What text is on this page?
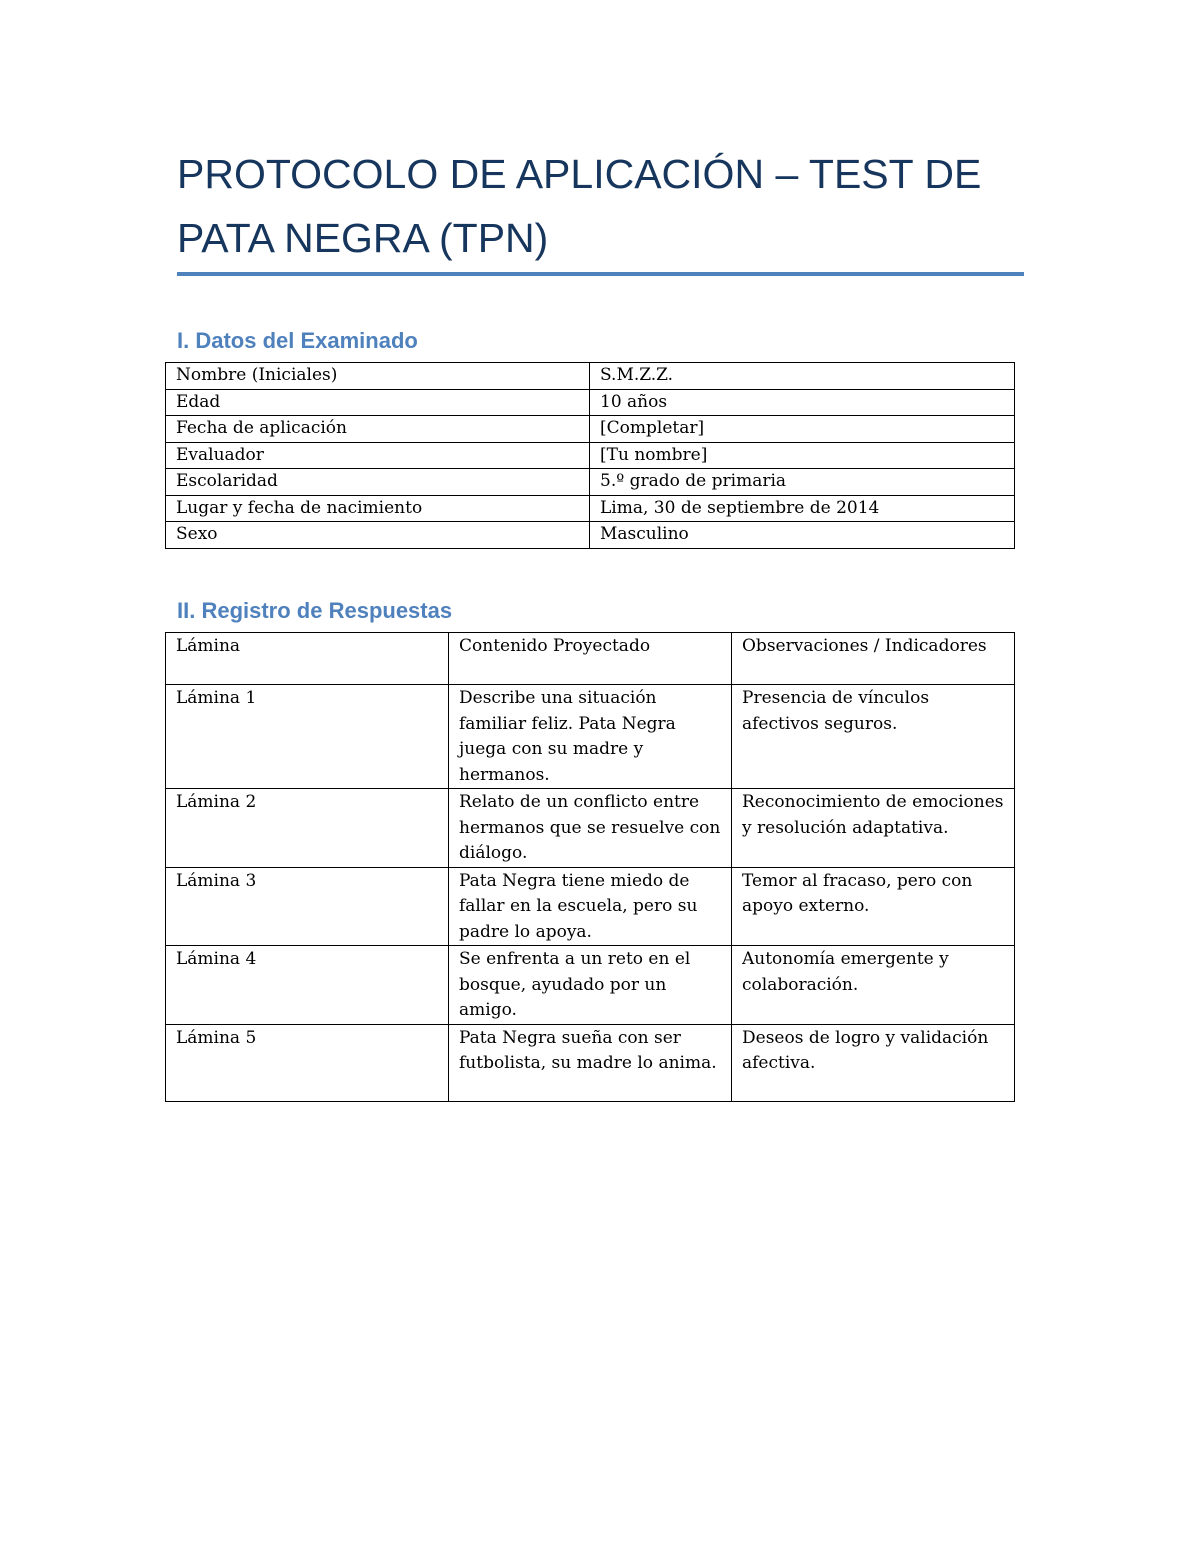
PROTOCOLO DE APLICACIÓN – TEST DE
PATA NEGRA (TPN)
I. Datos del Examinado
Nombre (Iniciales)	S.M.Z.Z.
Edad	10 años
Fecha de aplicación	[Completar]
Evaluador	[Tu nombre]
Escolaridad	5.º grado de primaria
Lugar y fecha de nacimiento	Lima, 30 de septiembre de 2014
Sexo	Masculino
II. Registro de Respuestas
Lámina	Contenido Proyectado	Observaciones / Indicadores
Lámina 1	Describe una situación familiar feliz. Pata Negra juega con su madre y hermanos.	Presencia de vínculos afectivos seguros.
Lámina 2	Relato de un conflicto entre hermanos que se resuelve con diálogo.	Reconocimiento de emociones y resolución adaptativa.
Lámina 3	Pata Negra tiene miedo de fallar en la escuela, pero su padre lo apoya.	Temor al fracaso, pero con apoyo externo.
Lámina 4	Se enfrenta a un reto en el bosque, ayudado por un amigo.	Autonomía emergente y colaboración.
Lámina 5	Pata Negra sueña con ser futbolista, su madre lo anima.	Deseos de logro y validación afectiva.
